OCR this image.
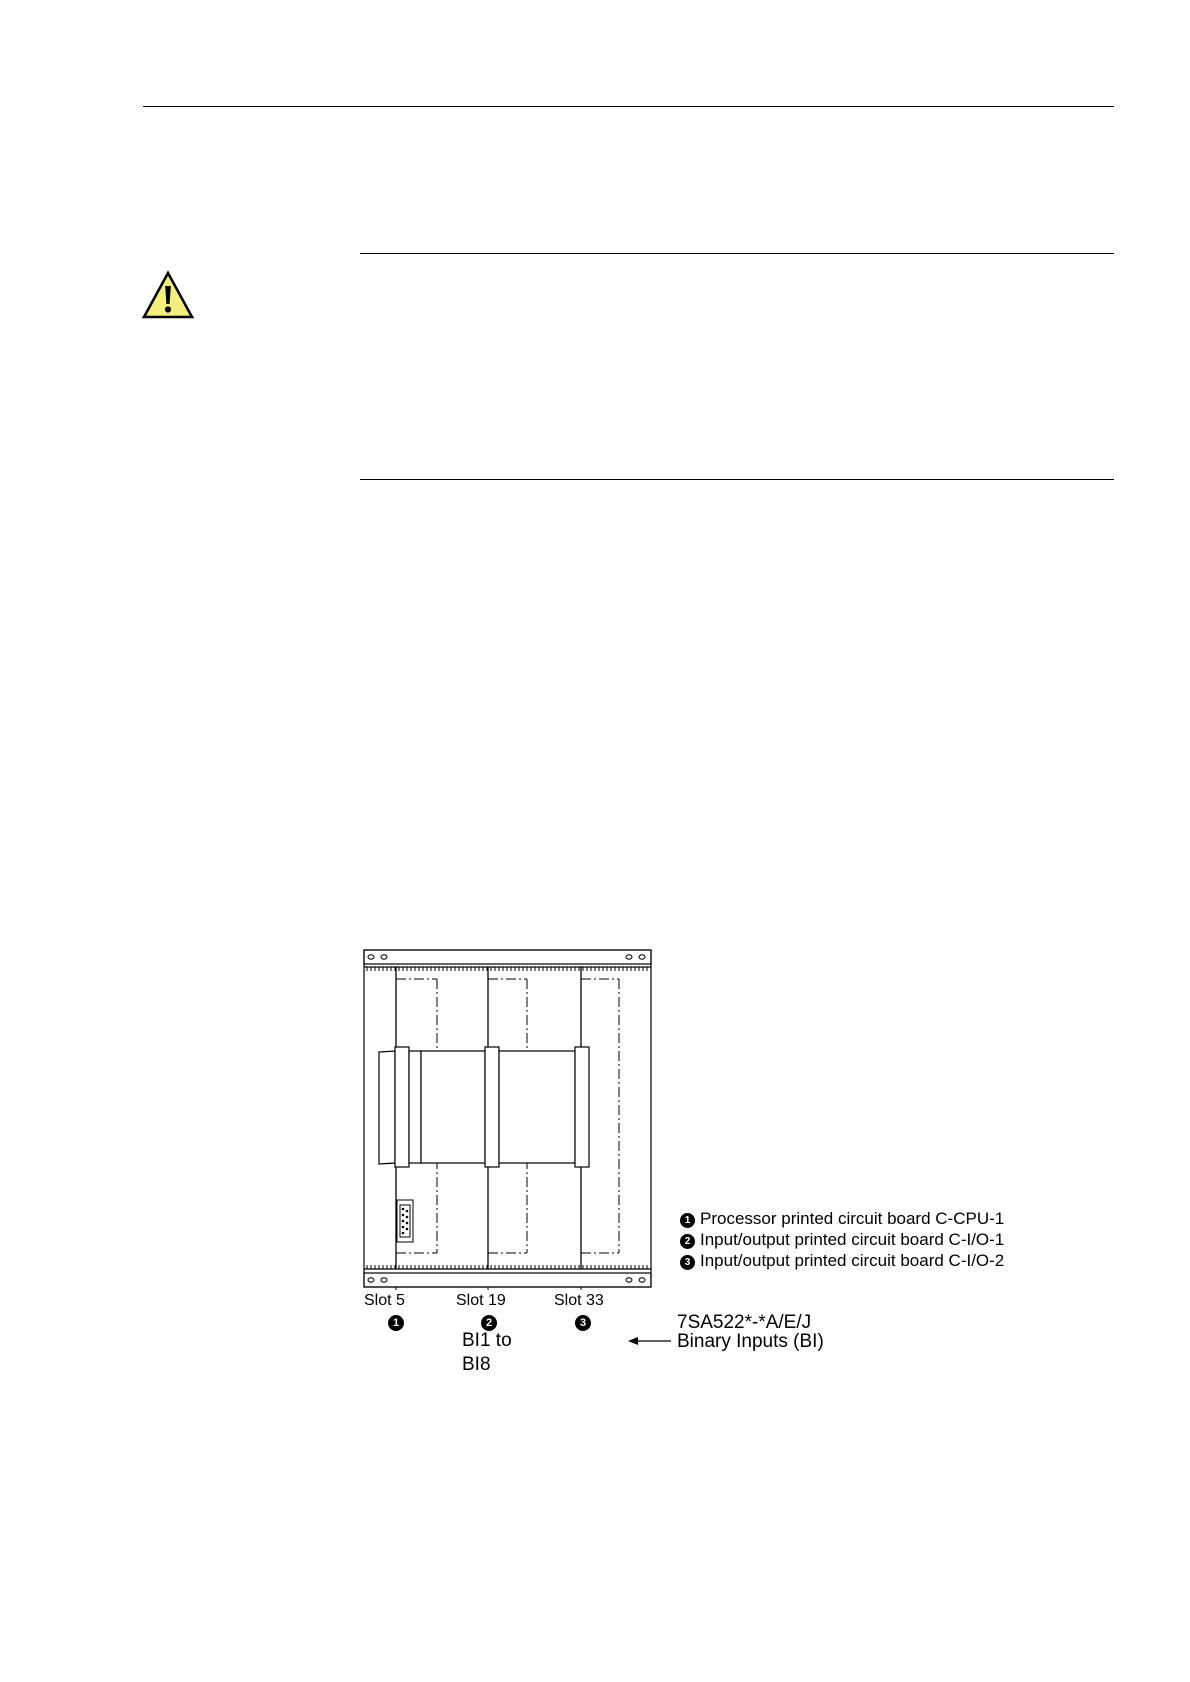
Slot 5	Slot 19	Slot 33
1	2	3
BI1 to
BI8
7SA522*-*A/E/J
Binary Inputs (BI)
1 Processor printed circuit board C-CPU-1
2 Input/output printed circuit board C-I/O-1
3 Input/output printed circuit board C-I/O-2
